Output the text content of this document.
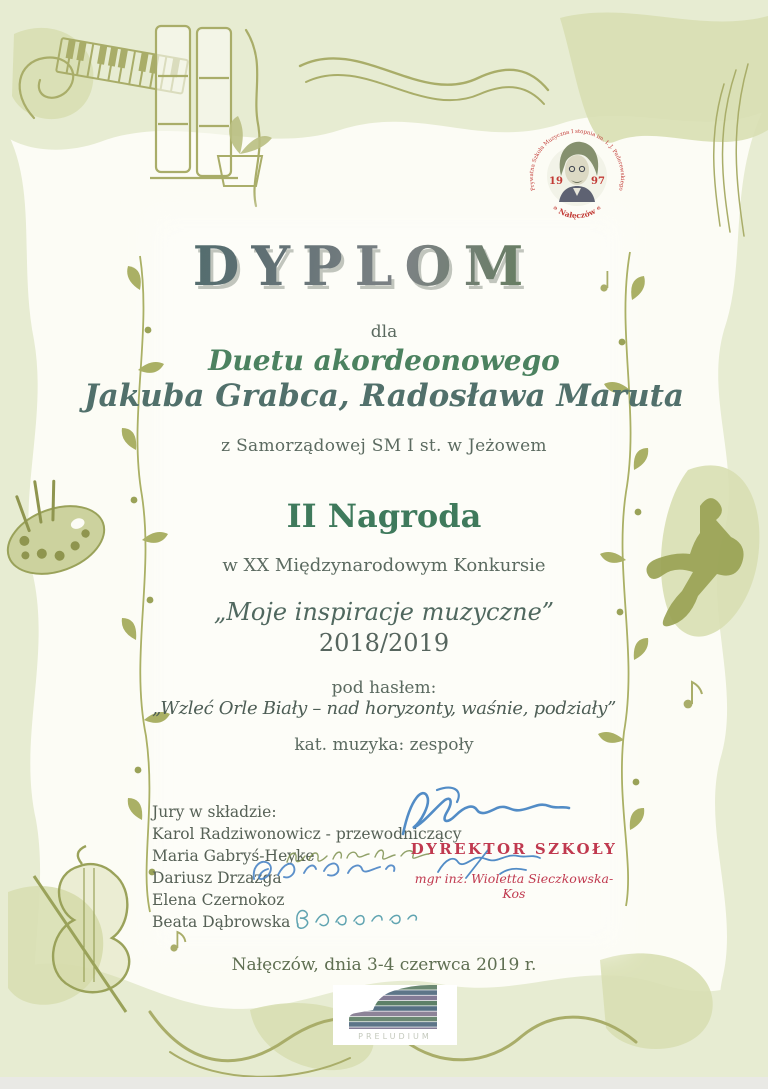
19	97
Prywatna Szkoła Muzyczna I stopnia im. I. J. Paderewskiego
» Nałęczów «
DYPLOM
dla
Duetu akordeonowego
Jakuba Grabca, Radosława Maruta
z Samorządowej SM I st. w Jeżowem
II Nagroda
w XX Międzynarodowym Konkursie
„Moje inspiracje muzyczne”
2018/2019
pod hasłem:
„Wzleć Orle Biały – nad horyzonty, waśnie, podziały”
kat. muzyka: zespoły
Jury w składzie:
Karol Radziwonowicz - przewodniczący
Maria Gabryś-Heyke
Dariusz Drzazga
Elena Czernokoz
Beata Dąbrowska
DYREKTOR SZKOŁY
mgr inż. Wioletta Sieczkowska-Kos
Nałęczów, dnia 3-4 czerwca 2019 r.
PRELUDIUM
